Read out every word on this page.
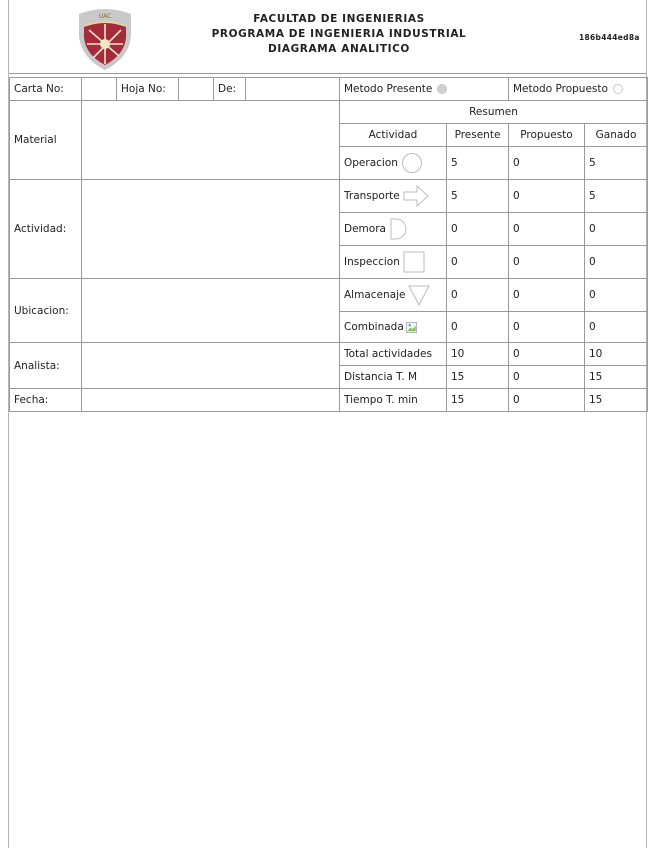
UAC	FACULTAD DE INGENIERIAS
PROGRAMA DE INGENIERIA INDUSTRIAL
DIAGRAMA ANALITICO
186b444ed8a
Carta No:		Hoja No:		De:		Metodo Presente		Metodo Propuesto	
Material						Resumen			
						Actividad	Presente	Propuesto	Ganado
						Operacion	5	0	5
Actividad:						Transporte	5	0	5
						Demora	0	0	0
						Inspeccion	0	0	0
Ubicacion:						Almacenaje	0	0	0
						Combinada	0	0	0
Analista:						Total actividades	10	0	10
						Distancia T. M	15	0	15
Fecha:						Tiempo T. min	15	0	15
